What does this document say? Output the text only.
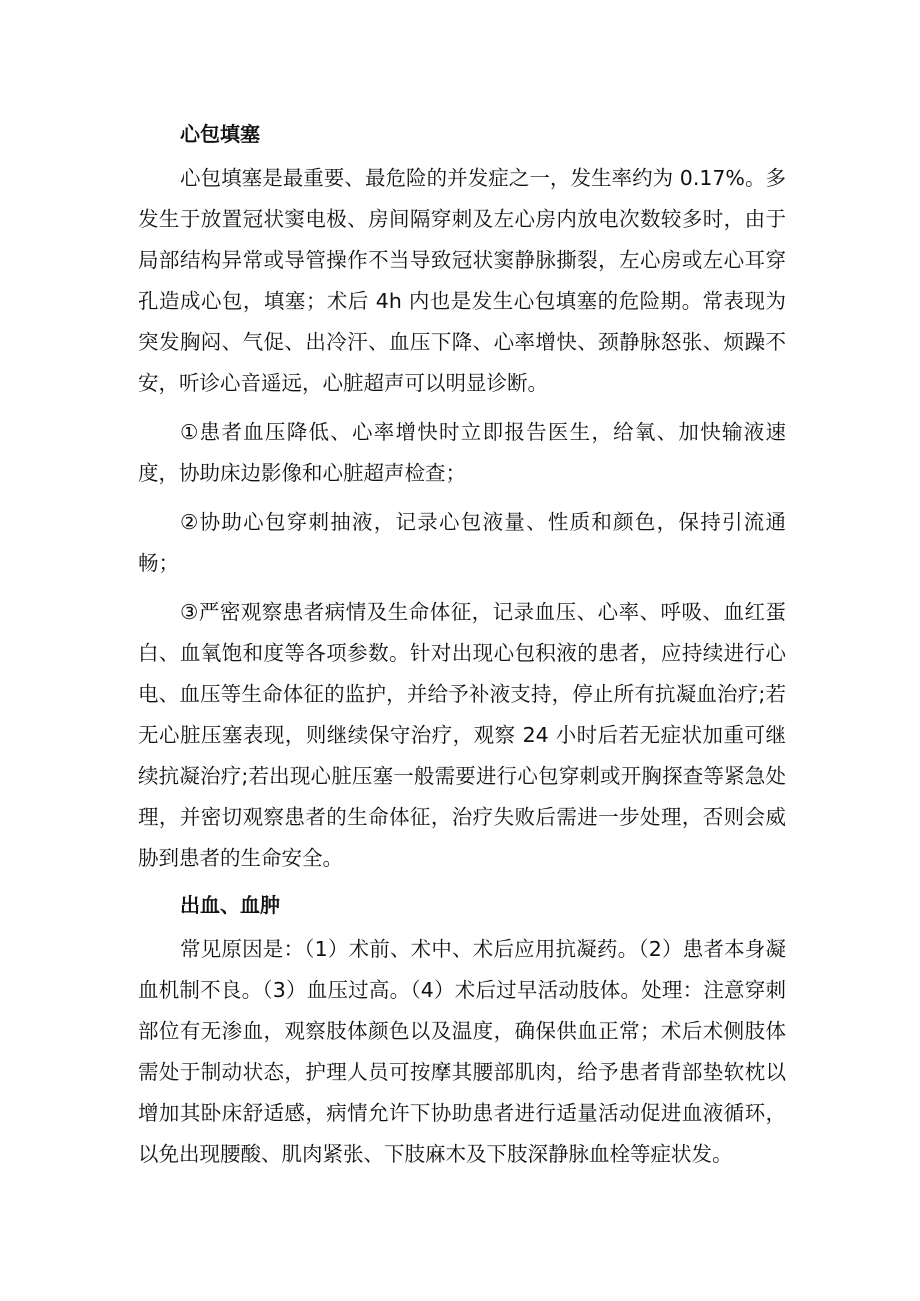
心包填塞

心包填塞是最重要、最危险的并发症之一，发生率约为 0.17%。多发生于放置冠状窦电极、房间隔穿刺及左心房内放电次数较多时，由于局部结构异常或导管操作不当导致冠状窦静脉撕裂，左心房或左心耳穿孔造成心包，填塞；术后 4h 内也是发生心包填塞的危险期。常表现为突发胸闷、气促、出冷汗、血压下降、心率增快、颈静脉怒张、烦躁不安，听诊心音遥远，心脏超声可以明显诊断。

①患者血压降低、心率增快时立即报告医生，给氧、加快输液速度，协助床边影像和心脏超声检查；

②协助心包穿刺抽液，记录心包液量、性质和颜色，保持引流通畅；

③严密观察患者病情及生命体征，记录血压、心率、呼吸、血红蛋白、血氧饱和度等各项参数。针对出现心包积液的患者，应持续进行心电、血压等生命体征的监护，并给予补液支持，停止所有抗凝血治疗;若无心脏压塞表现，则继续保守治疗，观察 24 小时后若无症状加重可继续抗凝治疗;若出现心脏压塞一般需要进行心包穿刺或开胸探查等紧急处理，并密切观察患者的生命体征，治疗失败后需进一步处理，否则会威胁到患者的生命安全。

出血、血肿

常见原因是：（1）术前、术中、术后应用抗凝药。（2）患者本身凝血机制不良。（3）血压过高。（4）术后过早活动肢体。处理：注意穿刺部位有无渗血，观察肢体颜色以及温度，确保供血正常；术后术侧肢体需处于制动状态，护理人员可按摩其腰部肌肉，给予患者背部垫软枕以增加其卧床舒适感，病情允许下协助患者进行适量活动促进血液循环，以免出现腰酸、肌肉紧张、下肢麻木及下肢深静脉血栓等症状发。
